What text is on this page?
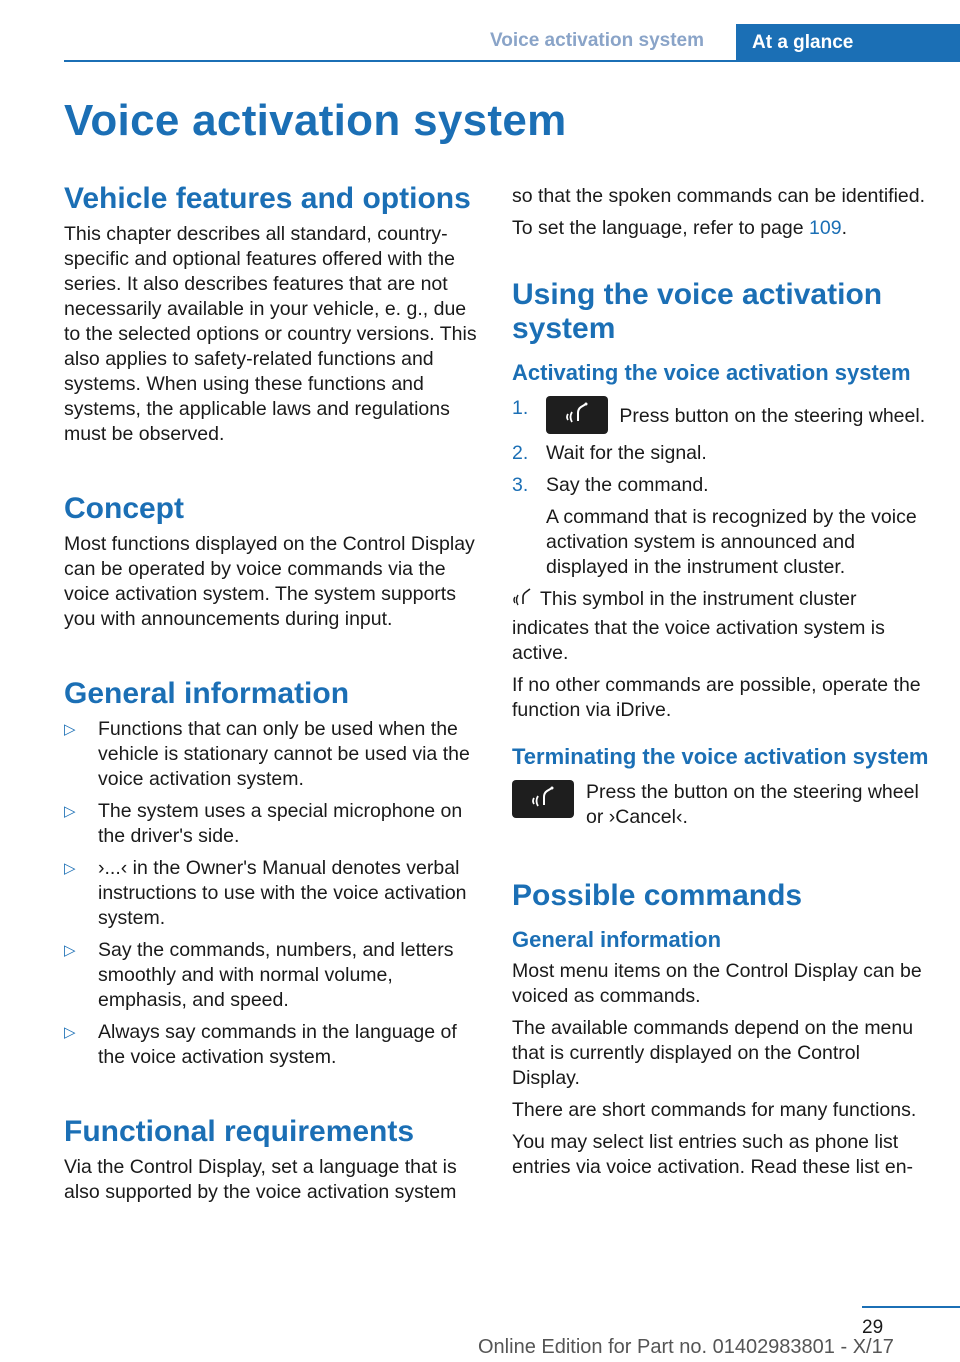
Voice activation system	At a glance
Voice activation system
Vehicle features and options

This chapter describes all standard, country-specific and optional features offered with the series. It also describes features that are not necessarily available in your vehicle, e. g., due to the selected options or country versions. This also applies to safety-related functions and systems. When using these functions and systems, the applicable laws and regulations must be observed.

Concept

Most functions displayed on the Control Display can be operated by voice commands via the voice activation system. The system supports you with announcements during input.

General information
▷ Functions that can only be used when the vehicle is stationary cannot be used via the voice activation system.
▷ The system uses a special microphone on the driver's side.
▷ ›...‹ in the Owner's Manual denotes verbal instructions to use with the voice activation system.
▷ Say the commands, numbers, and letters smoothly and with normal volume, emphasis, and speed.
▷ Always say commands in the language of the voice activation system.
Functional requirements

Via the Control Display, set a language that is also supported by the voice activation system

so that the spoken commands can be identified.

To set the language, refer to page 109.

Using the voice activation system
Activating the voice activation system
1.	Press button on the steering wheel.
2. Wait for the signal.
3. Say the command.
A command that is recognized by the voice activation system is announced and displayed in the instrument cluster.

This symbol in the instrument cluster indicates that the voice activation system is active.

If no other commands are possible, operate the function via iDrive.

Terminating the voice activation system

Press the button on the steering wheel or ›Cancel‹.

Possible commands
General information

Most menu items on the Control Display can be voiced as commands.

The available commands depend on the menu that is currently displayed on the Control Display.

There are short commands for many functions.

You may select list entries such as phone list entries via voice activation. Read these list en-

29
Online Edition for Part no. 01402983801 - X/17
